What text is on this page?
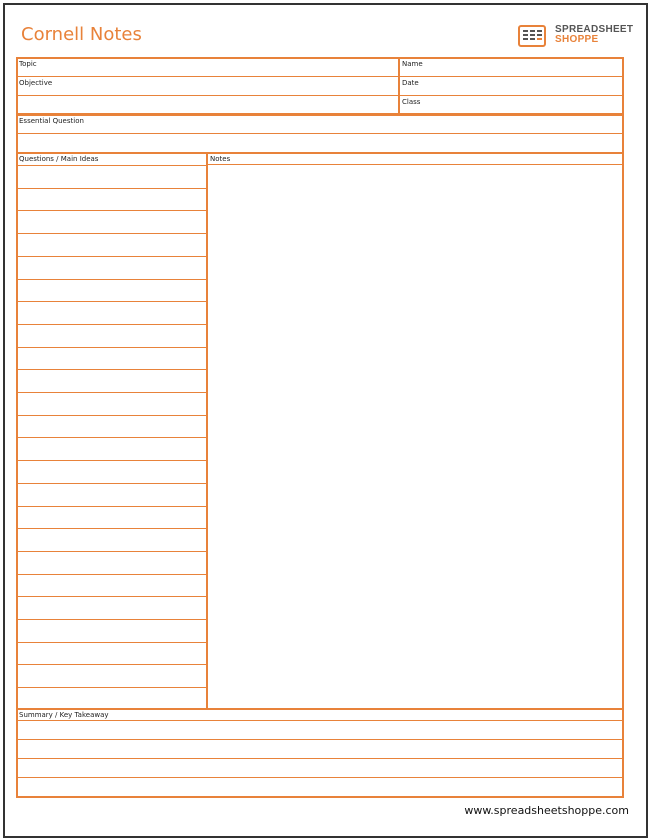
Cornell Notes	SPREADSHEET
SHOPPE
Topic
Objective
Name
Date
Class
Essential Question
Questions / Main Ideas	Notes
Summary / Key Takeaway
www.spreadsheetshoppe.com
